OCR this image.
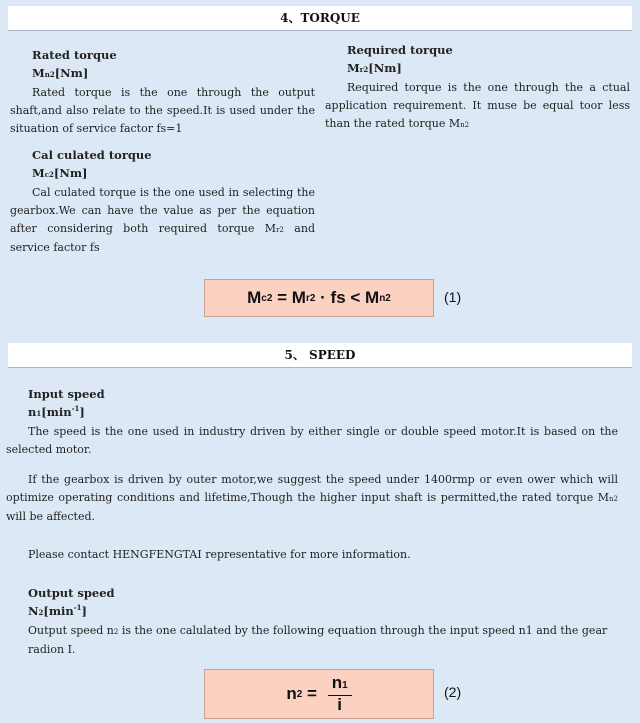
4、TORQUE
Rated torque
Mn2[Nm]
Rated torque is the one through the output shaft,and also relate to the speed.It is used under the situation of service factor fs=1
Required torque
Mr2[Nm]
Required torque is the one through the a ctual application requirement. It muse be equal toor less than the rated torque Mn2
Cal culated torque
Mc2[Nm]
Cal culated torque is the one used in selecting the gearbox.We can have the value as per the equation after considering both required torque Mr2 and service factor fs
M c2 = M r2 · fs < M n2	(1)
5、 SPEED
Input speed
$n1[\min^{-1}]$
The speed is the one used in industry driven by either single or double speed motor.It is based on the selected motor.
If the gearbox is driven by outer motor,we suggest the speed under 1400rmp or even ower which will optimize operating conditions and lifetime,Though the higher input shaft is permitted,the rated torque Mn2 will be affected.
Please contact HENGFENGTAI representative for more information.
Output speed
$N2[\min^{-1}]$
Output speed n2 is the one calulated by the following equation through the input speed n1 and the gear radion I.
n $2 = \frac{n1}{i}$	(2)
